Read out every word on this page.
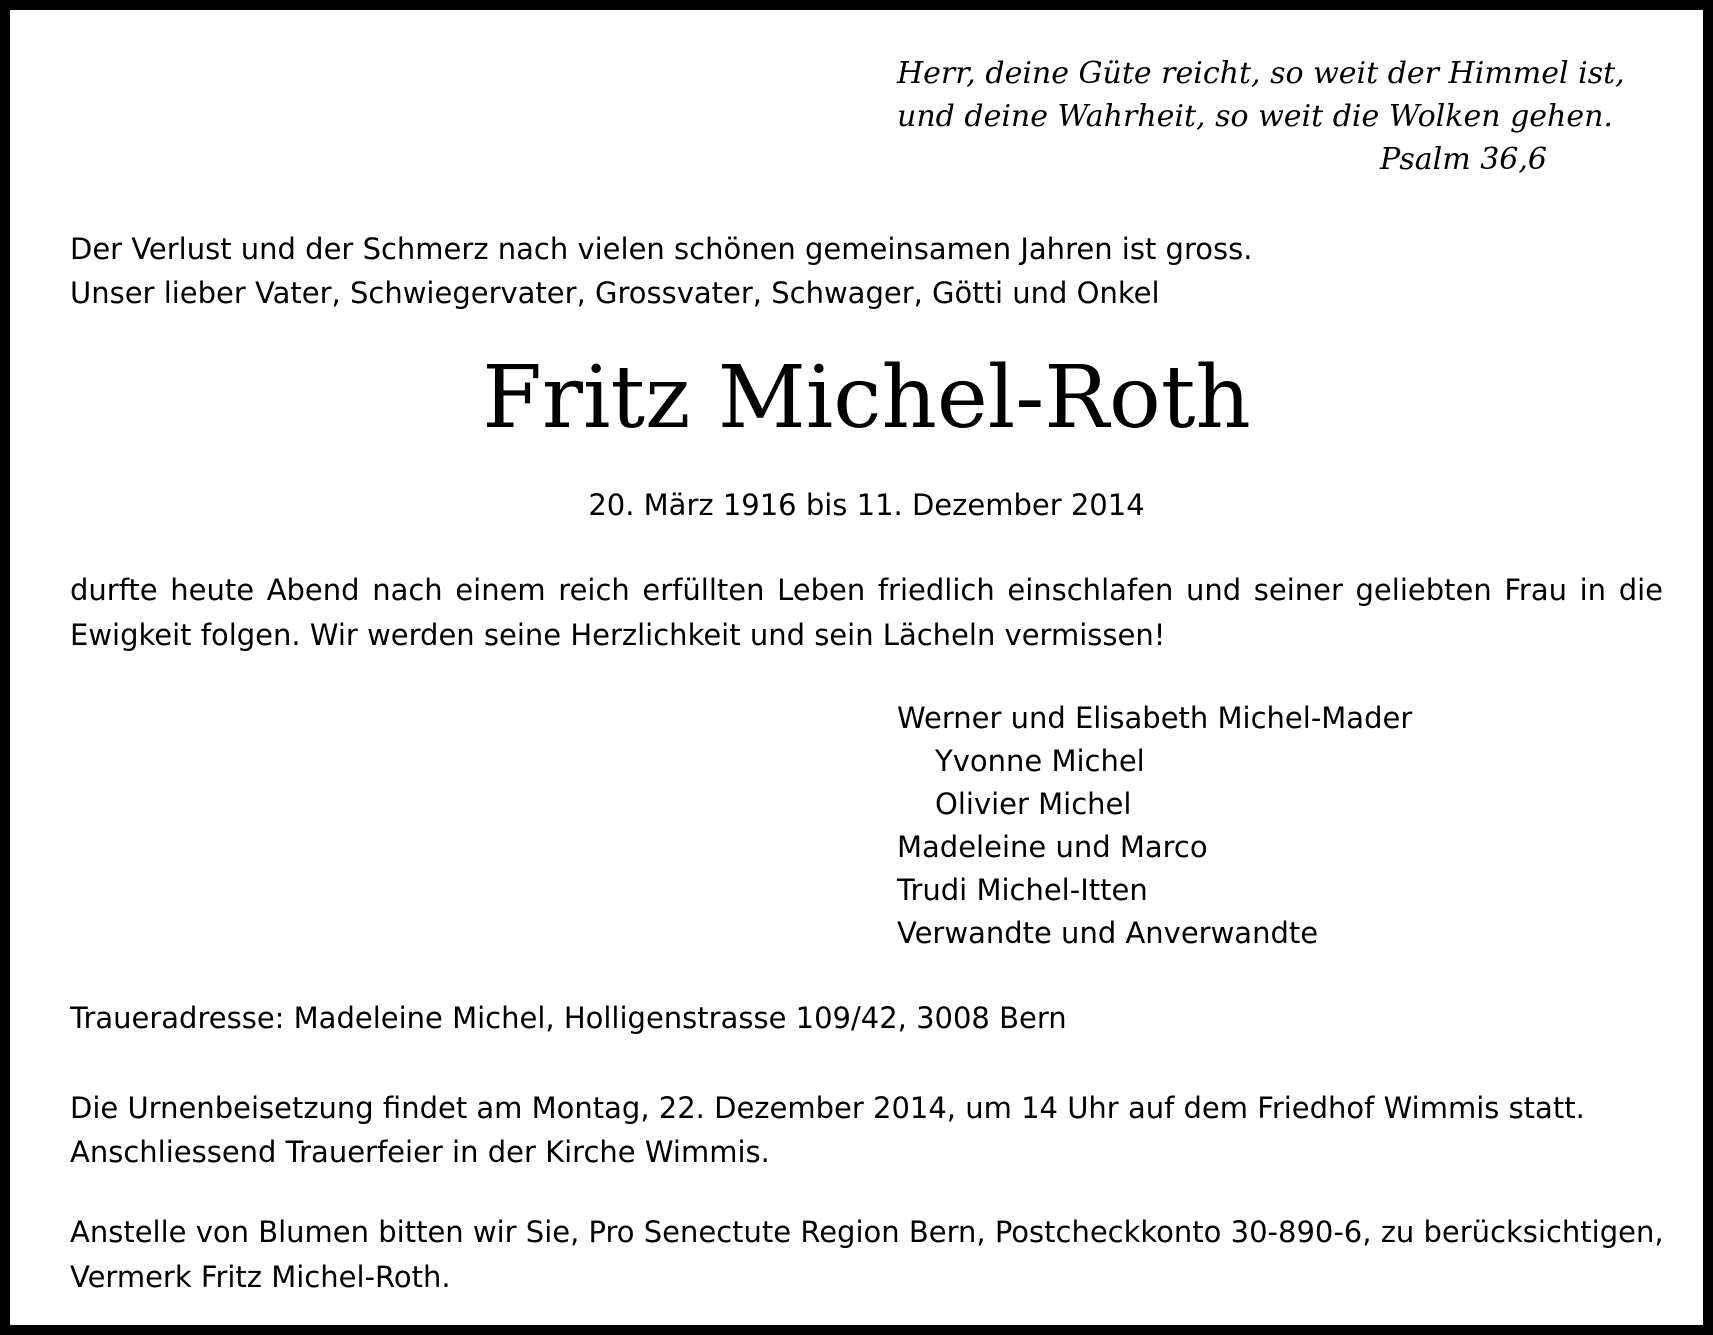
Herr, deine Güte reicht, so weit der Himmel ist,
und deine Wahrheit, so weit die Wolken gehen.
Psalm 36,6
Der Verlust und der Schmerz nach vielen schönen gemeinsamen Jahren ist gross.
Unser lieber Vater, Schwiegervater, Grossvater, Schwager, Götti und Onkel
Fritz Michel-Roth
20. März 1916 bis 11. Dezember 2014
durfte heute Abend nach einem reich erfüllten Leben friedlich einschlafen und seiner geliebten Frau in die
Ewigkeit folgen. Wir werden seine Herzlichkeit und sein Lächeln vermissen!
Werner und Elisabeth Michel-Mader
Yvonne Michel
Olivier Michel
Madeleine und Marco
Trudi Michel-Itten
Verwandte und Anverwandte
Traueradresse: Madeleine Michel, Holligenstrasse 109/42, 3008 Bern
Die Urnenbeisetzung findet am Montag, 22. Dezember 2014, um 14 Uhr auf dem Friedhof Wimmis statt.
Anschliessend Trauerfeier in der Kirche Wimmis.
Anstelle von Blumen bitten wir Sie, Pro Senectute Region Bern, Postcheckkonto 30-890-6, zu berücksichtigen,
Vermerk Fritz Michel-Roth.
